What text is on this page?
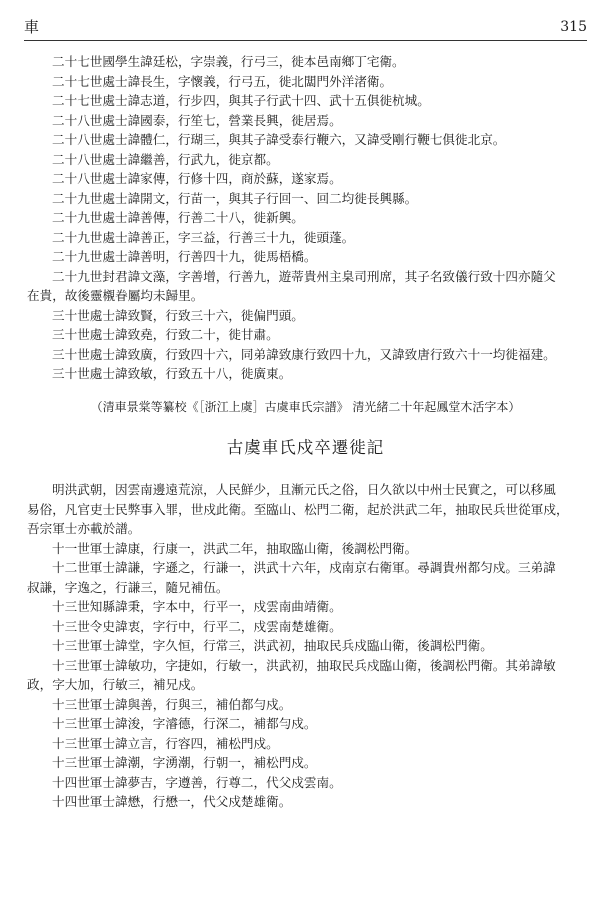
車	315
二十七世國學生諱廷松，字崇義，行弓三，徙本邑南鄉丁宅衛。
二十七世處士諱長生，字懷義，行弓五，徙北闆門外洋渚衛。
二十七世處士諱志道，行步四，與其子行武十四、武十五俱徙杭城。
二十八世處士諱國泰，行笙七，營業長興，徙居焉。
二十八世處士諱體仁，行瑚三，與其子諱受泰行鞭六，又諱受剛行鞭七俱徙北京。
二十八世處士諱繼善，行武九，徙京都。
二十八世處士諱家傳，行修十四，商於蘇，遂家焉。
二十九世處士諱開文，行苗一，與其子行回一、回二均徙長興縣。
二十九世處士諱善傳，行善二十八，徙新興。
二十九世處士諱善正，字三益，行善三十九，徙頭蓬。
二十九世處士諱善明，行善四十九，徙馬梧橋。
二十九世封君諱文藻，字善增，行善九，遊蒂貴州主臬司刑席，其子名致儀行致十四亦隨父
在貴，故後靈櫬眷屬均未歸里。
三十世處士諱致賢，行致三十六，徙偏門頭。
三十世處士諱致堯，行致二十，徙甘肅。
三十世處士諱致廣，行致四十六，同弟諱致康行致四十九，又諱致唐行致六十一均徙福建。
三十世處士諱致敏，行致五十八，徙廣東。
（清車景棠等纂校《［浙江上虞］古虞車氏宗譜》 清光緒二十年起鳳堂木活字本）
古虞車氏戍卒遷徙記
明洪武朝，因雲南邊遠荒涼，人民鮮少，且漸元氏之俗，日久欲以中州士民實之，可以移風
易俗，凡官吏士民弊事入罪，世戍此衛。至臨山、松門二衛，起於洪武二年，抽取民兵世從軍戍，
吾宗軍士亦載於譜。
十一世軍士諱康，行康一，洪武二年，抽取臨山衛，後調松門衛。
十二世軍士諱謙，字遜之，行謙一，洪武十六年，戍南京右衛軍。尋調貴州都匀戍。三弟諱
叔謙，字逸之，行謙三，隨兄補伍。
十三世知縣諱秉，字本中，行平一，戍雲南曲靖衛。
十三世令史諱衷，字行中，行平二，戍雲南楚雄衛。
十三世軍士諱堂，字久恒，行常三，洪武初，抽取民兵戍臨山衛，後調松門衛。
十三世軍士諱敏功，字捷如，行敏一，洪武初，抽取民兵戍臨山衛，後調松門衛。其弟諱敏
政，字大加，行敏三，補兄戍。
十三世軍士諱與善，行與三，補伯都勻戍。
十三世軍士諱浚，字濬德，行深二，補都勻戍。
十三世軍士諱立言，行容四，補松門戍。
十三世軍士諱潮，字湧潮，行朝一，補松門戍。
十四世軍士諱夢吉，字遵善，行尊二，代父戍雲南。
十四世軍士諱懋，行懋一，代父戍楚雄衛。
